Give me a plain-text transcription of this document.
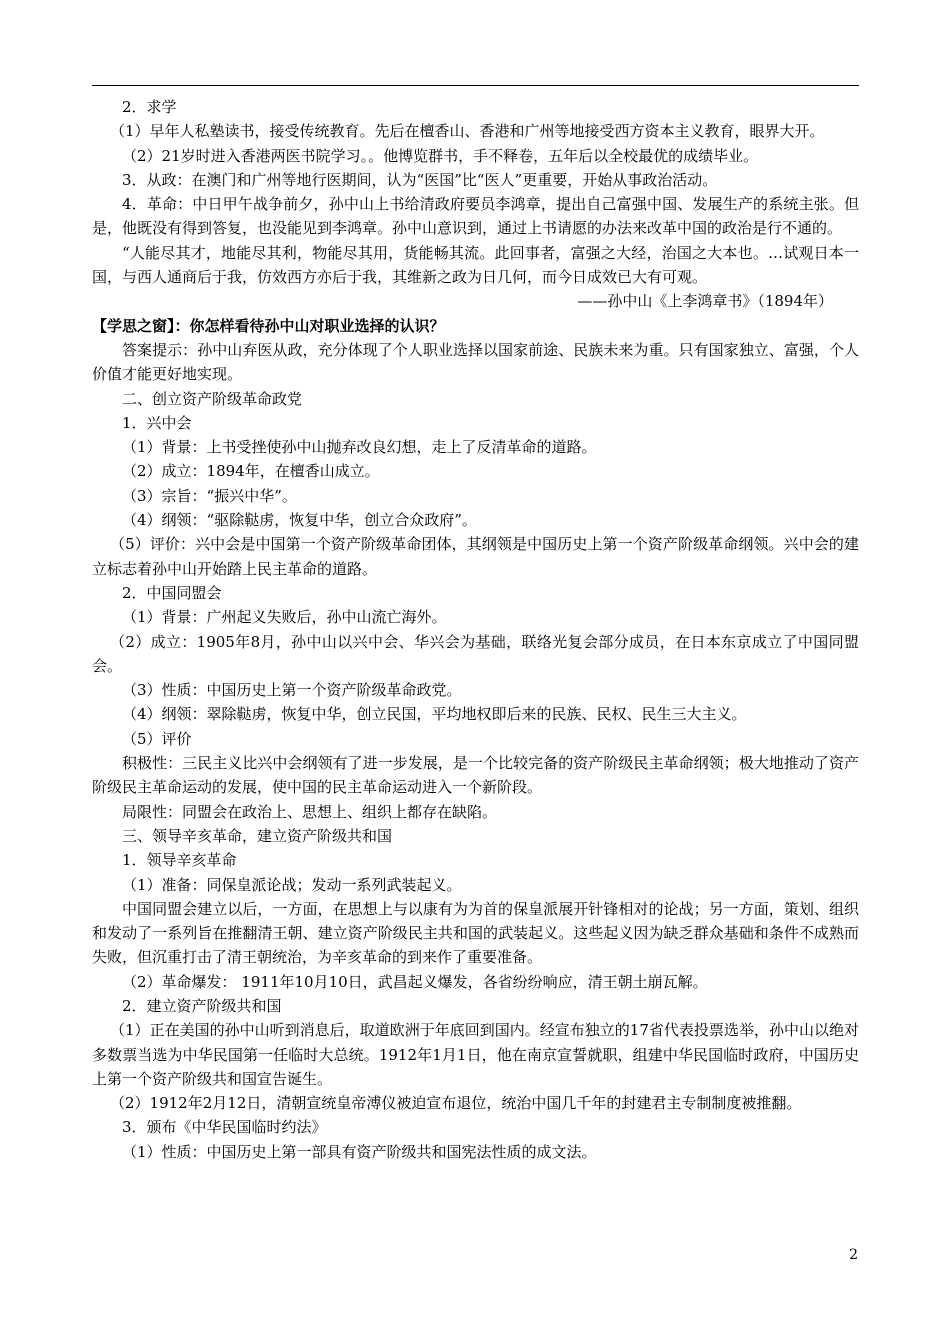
2．求学

（1）早年人私塾读书，接受传统教育。先后在檀香山、香港和广州等地接受西方资本主义教育，眼界大开。

（2）21岁时进入香港两医书院学习。。他博览群书，手不释卷，五年后以全校最优的成绩毕业。

3．从政：在澳门和广州等地行医期间，认为“医国”比“医人”更重要，开始从事政治活动。

4．革命：中日甲午战争前夕，孙中山上书给清政府要员李鸿章，提出自己富强中国、发展生产的系统主张。但是，他既没有得到答复，也没能见到李鸿章。孙中山意识到，通过上书请愿的办法来改革中国的政治是行不通的。

“人能尽其才，地能尽其利，物能尽其用，货能畅其流。此回事者，富强之大经，治国之大本也。…试观日本一国，与西人通商后于我，仿效西方亦后于我，其维新之政为日几何，而今日成效已大有可观。

——孙中山《上李鸿章书》（1894年）

【学思之窗】：你怎样看待孙中山对职业选择的认识？

答案提示：孙中山弃医从政，充分体现了个人职业选择以国家前途、民族未来为重。只有国家独立、富强，个人价值才能更好地实现。

二、创立资产阶级革命政党

1．兴中会

（1）背景：上书受挫使孙中山抛弃改良幻想，走上了反清革命的道路。

（2）成立：1894年，在檀香山成立。

（3）宗旨：“振兴中华”。

（4）纲领：“驱除鞑虏，恢复中华，创立合众政府”。

（5）评价：兴中会是中国第一个资产阶级革命团体，其纲领是中国历史上第一个资产阶级革命纲领。兴中会的建立标志着孙中山开始踏上民主革命的道路。

2．中国同盟会

（1）背景：广州起义失败后，孙中山流亡海外。

（2）成立：1905年8月，孙中山以兴中会、华兴会为基础，联络光复会部分成员，在日本东京成立了中国同盟会。

（3）性质：中国历史上第一个资产阶级革命政党。

（4）纲领：翠除鞑虏，恢复中华，创立民国，平均地权即后来的民族、民权、民生三大主义。

（5）评价

积极性：三民主义比兴中会纲领有了进一步发展，是一个比较完备的资产阶级民主革命纲领；极大地推动了资产阶级民主革命运动的发展，使中国的民主革命运动进入一个新阶段。

局限性：同盟会在政治上、思想上、组织上都存在缺陷。

三、领导辛亥革命，建立资产阶级共和国

1．领导辛亥革命

（1）准备：同保皇派论战；发动一系列武装起义。

中国同盟会建立以后，一方面，在思想上与以康有为为首的保皇派展开针锋相对的论战；另一方面，策划、组织和发动了一系列旨在推翻清王朝、建立资产阶级民主共和国的武装起义。这些起义因为缺乏群众基础和条件不成熟而失败，但沉重打击了清王朝统治，为辛亥革命的到来作了重要准备。

（2）革命爆发： 1911年10月10日，武昌起义爆发，各省纷纷响应，清王朝土崩瓦解。

2．建立资产阶级共和国

（1）正在美国的孙中山听到消息后，取道欧洲于年底回到国内。经宣布独立的17省代表投票选举，孙中山以绝对多数票当选为中华民国第一任临时大总统。1912年1月1日，他在南京宣誓就职，组建中华民国临时政府，中国历史上第一个资产阶级共和国宣告诞生。

（2）1912年2月12日，清朝宣统皇帝溥仪被迫宣布退位，统治中国几千年的封建君主专制制度被推翻。

3．颁布《中华民国临时约法》

（1）性质：中国历史上第一部具有资产阶级共和国宪法性质的成文法。

2
